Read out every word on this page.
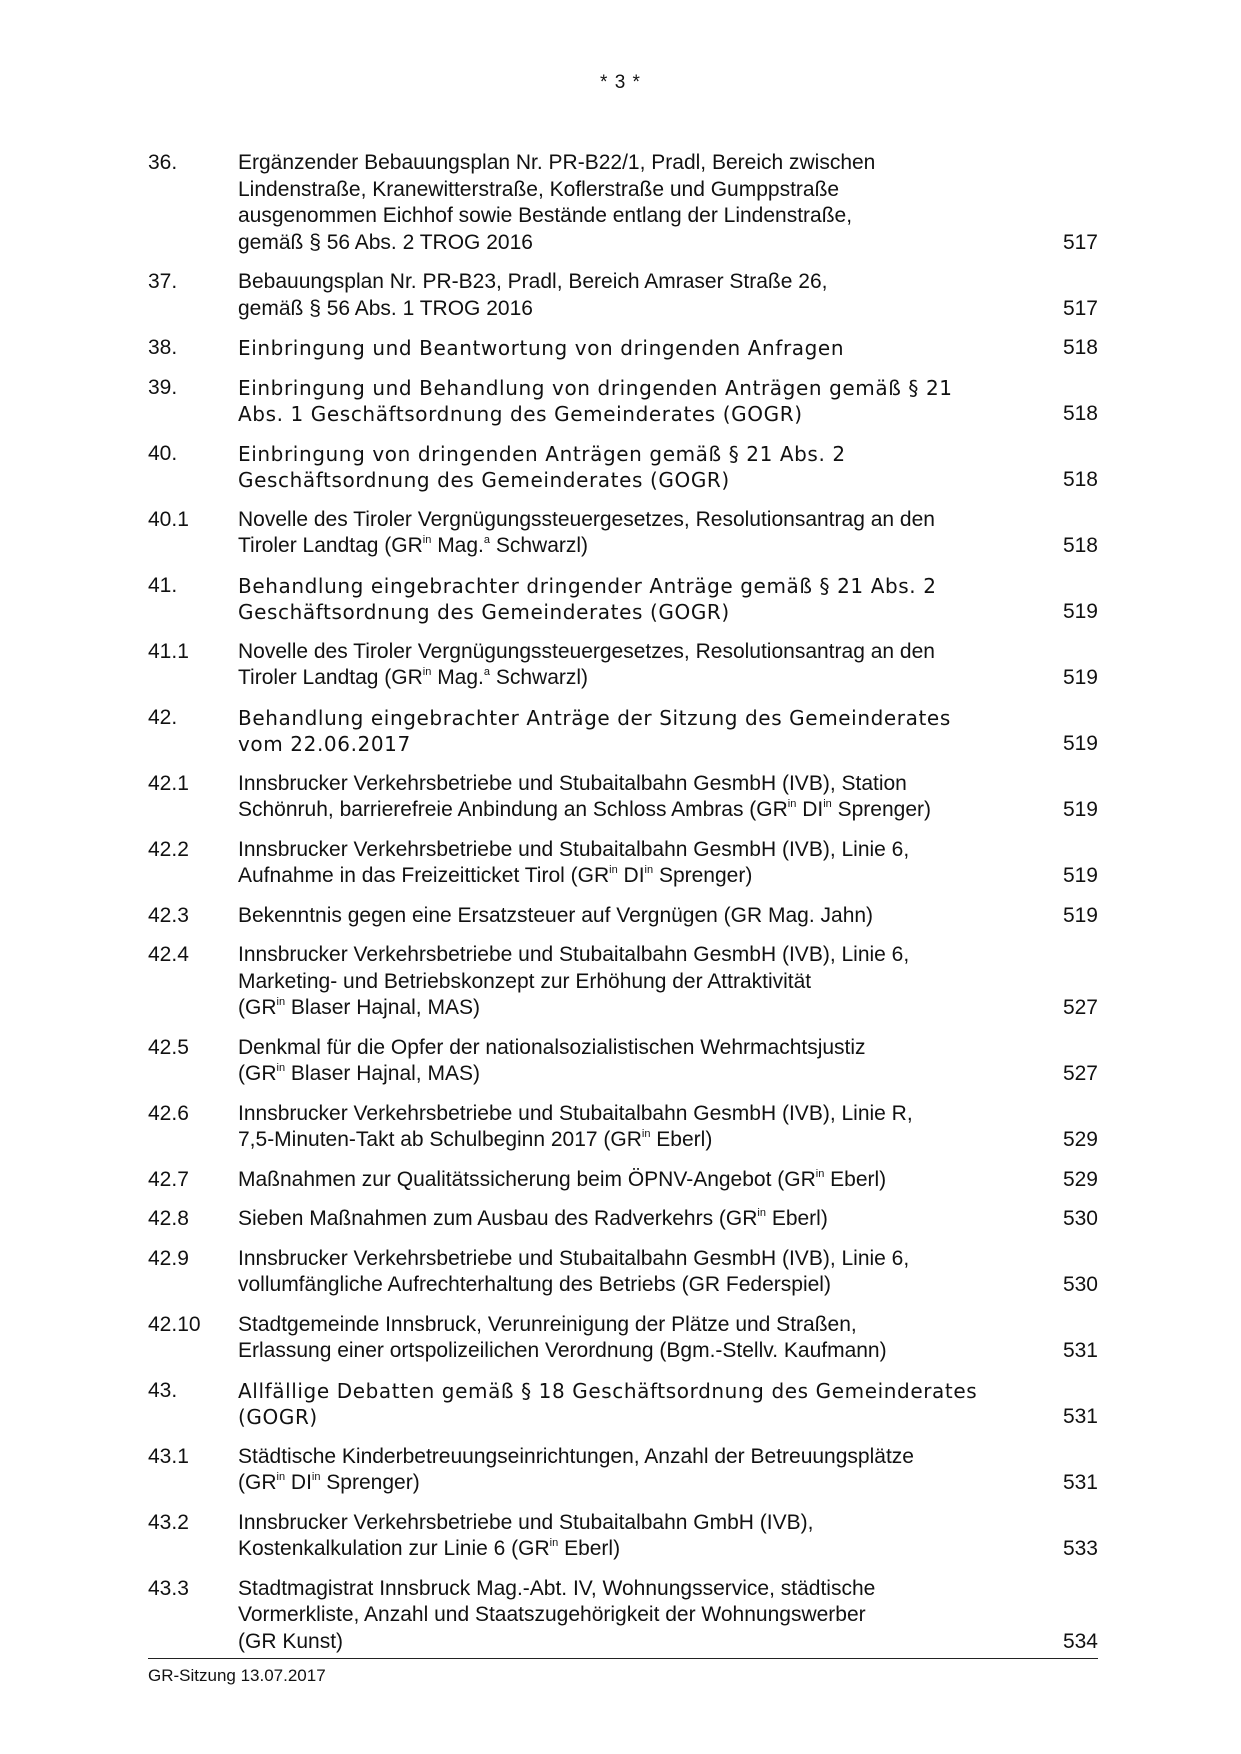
* 3 *
36.	Ergänzender Bebauungsplan Nr. PR-B22/1, Pradl, Bereich zwischen
Lindenstraße, Kranewitterstraße, Koflerstraße und Gumppstraße
ausgenommen Eichhof sowie Bestände entlang der Lindenstraße,
gemäß § 56 Abs. 2 TROG 2016	517
37.	Bebauungsplan Nr. PR-B23, Pradl, Bereich Amraser Straße 26,
gemäß § 56 Abs. 1 TROG 2016	517
38.	Einbringung und Beantwortung von dringenden Anfragen	518
39.	Einbringung und Behandlung von dringenden Anträgen gemäß § 21
Abs. 1 Geschäftsordnung des Gemeinderates (GOGR)	518
40.	Einbringung von dringenden Anträgen gemäß § 21 Abs. 2
Geschäftsordnung des Gemeinderates (GOGR)	518
40.1	Novelle des Tiroler Vergnügungssteuergesetzes, Resolutionsantrag an den
Tiroler Landtag ($GR^{in}$ Mag.$^a$ Schwarzl)	518
41.	Behandlung eingebrachter dringender Anträge gemäß § 21 Abs. 2
Geschäftsordnung des Gemeinderates (GOGR)	519
41.1	Novelle des Tiroler Vergnügungssteuergesetzes, Resolutionsantrag an den
Tiroler Landtag ($GR^{in}$ Mag.$^a$ Schwarzl)	519
42.	Behandlung eingebrachter Anträge der Sitzung des Gemeinderates
vom 22.06.2017	519
42.1	Innsbrucker Verkehrsbetriebe und Stubaitalbahn GesmbH (IVB), Station
Schönruh, barrierefreie Anbindung an Schloss Ambras ($GR^{in}$ $DI^{in}$ Sprenger)	519
42.2	Innsbrucker Verkehrsbetriebe und Stubaitalbahn GesmbH (IVB), Linie 6,
Aufnahme in das Freizeitticket Tirol ($GR^{in}$ $DI^{in}$ Sprenger)	519
42.3	Bekenntnis gegen eine Ersatzsteuer auf Vergnügen (GR Mag. Jahn)	519
42.4	Innsbrucker Verkehrsbetriebe und Stubaitalbahn GesmbH (IVB), Linie 6,
Marketing- und Betriebskonzept zur Erhöhung der Attraktivität
($GR^{in}$ Blaser Hajnal, MAS)	527
42.5	Denkmal für die Opfer der nationalsozialistischen Wehrmachtsjustiz
($GR^{in}$ Blaser Hajnal, MAS)	527
42.6	Innsbrucker Verkehrsbetriebe und Stubaitalbahn GesmbH (IVB), Linie R,
7,5-Minuten-Takt ab Schulbeginn 2017 ($GR^{in}$ Eberl)	529
42.7	Maßnahmen zur Qualitätssicherung beim ÖPNV-Angebot ($GR^{in}$ Eberl)	529
42.8	Sieben Maßnahmen zum Ausbau des Radverkehrs ($GR^{in}$ Eberl)	530
42.9	Innsbrucker Verkehrsbetriebe und Stubaitalbahn GesmbH (IVB), Linie 6,
vollumfängliche Aufrechterhaltung des Betriebs (GR Federspiel)	530
42.10	Stadtgemeinde Innsbruck, Verunreinigung der Plätze und Straßen,
Erlassung einer ortspolizeilichen Verordnung (Bgm.-Stellv. Kaufmann)	531
43.	Allfällige Debatten gemäß § 18 Geschäftsordnung des Gemeinderates
(GOGR)	531
43.1	Städtische Kinderbetreuungseinrichtungen, Anzahl der Betreuungsplätze
($GR^{in}$ $DI^{in}$ Sprenger)	531
43.2	Innsbrucker Verkehrsbetriebe und Stubaitalbahn GmbH (IVB),
Kostenkalkulation zur Linie 6 ($GR^{in}$ Eberl)	533
43.3	Stadtmagistrat Innsbruck Mag.-Abt. IV, Wohnungsservice, städtische
Vormerkliste, Anzahl und Staatszugehörigkeit der Wohnungswerber
(GR Kunst)	534
GR-Sitzung 13.07.2017
